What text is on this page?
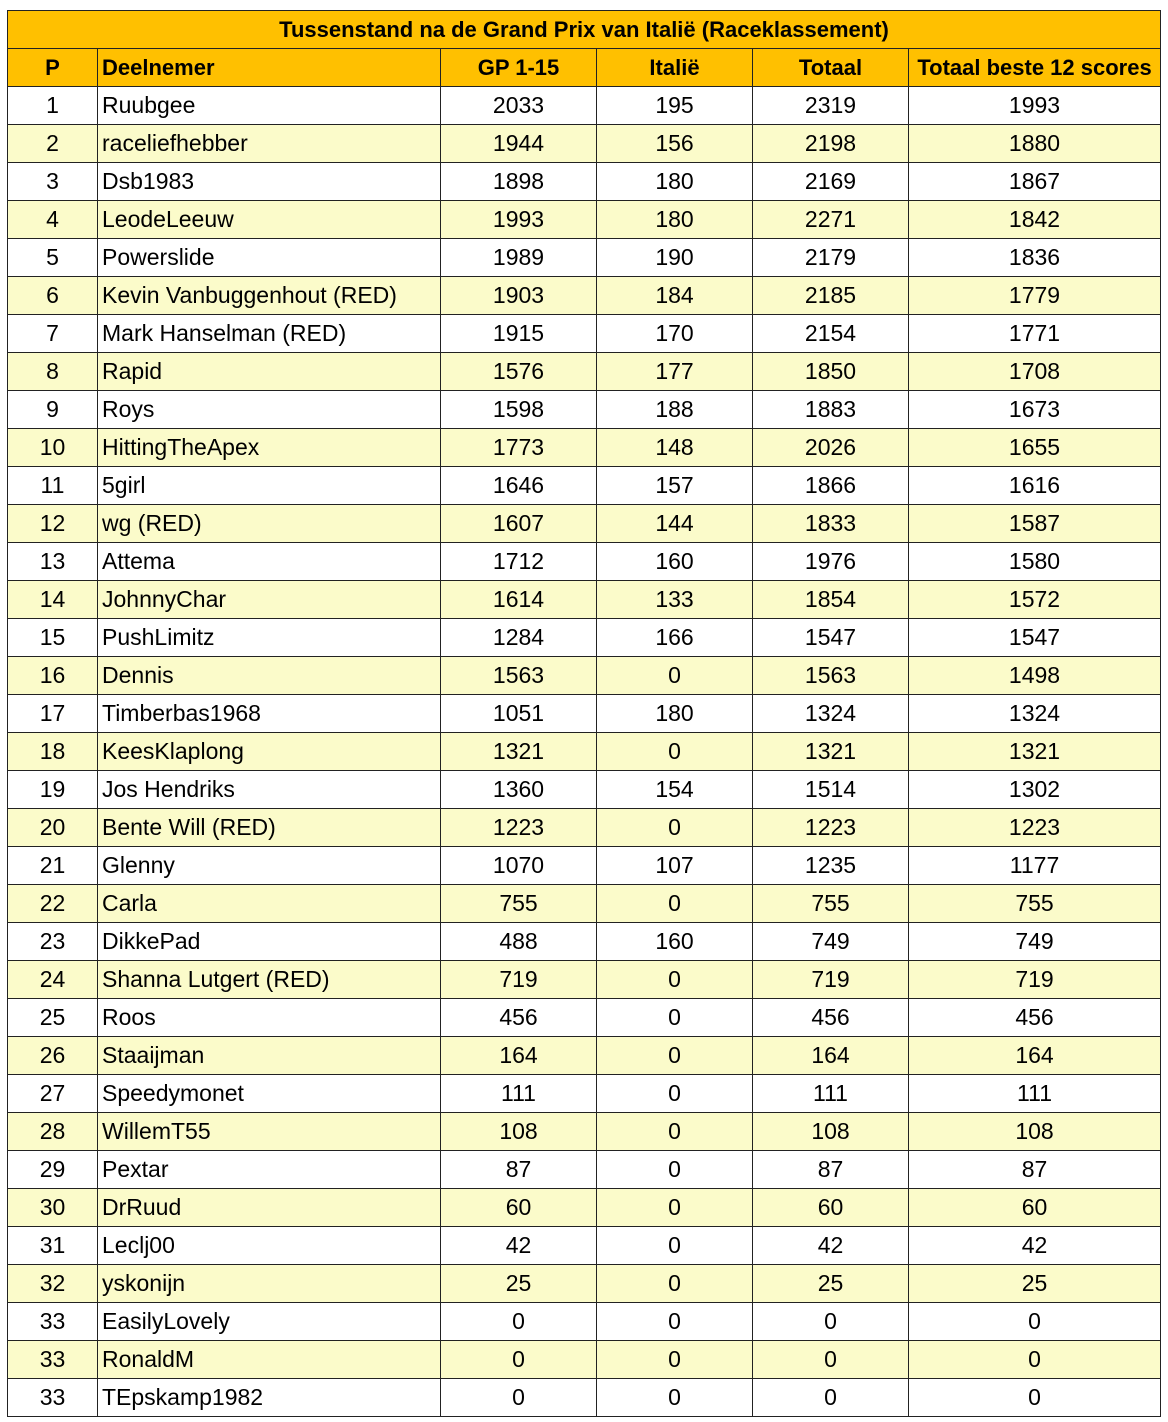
Tussenstand na de Grand Prix van Italië (Raceklassement)					
P	Deelnemer	GP 1-15	Italië	Totaal	Totaal beste 12 scores
1	Ruubgee	2033	195	2319	1993
2	raceliefhebber	1944	156	2198	1880
3	Dsb1983	1898	180	2169	1867
4	LeodeLeeuw	1993	180	2271	1842
5	Powerslide	1989	190	2179	1836
6	Kevin Vanbuggenhout (RED)	1903	184	2185	1779
7	Mark Hanselman (RED)	1915	170	2154	1771
8	Rapid	1576	177	1850	1708
9	Roys	1598	188	1883	1673
10	HittingTheApex	1773	148	2026	1655
11	5girl	1646	157	1866	1616
12	wg (RED)	1607	144	1833	1587
13	Attema	1712	160	1976	1580
14	JohnnyChar	1614	133	1854	1572
15	PushLimitz	1284	166	1547	1547
16	Dennis	1563	0	1563	1498
17	Timberbas1968	1051	180	1324	1324
18	KeesKlaplong	1321	0	1321	1321
19	Jos Hendriks	1360	154	1514	1302
20	Bente Will (RED)	1223	0	1223	1223
21	Glenny	1070	107	1235	1177
22	Carla	755	0	755	755
23	DikkePad	488	160	749	749
24	Shanna Lutgert (RED)	719	0	719	719
25	Roos	456	0	456	456
26	Staaijman	164	0	164	164
27	Speedymonet	111	0	111	111
28	WillemT55	108	0	108	108
29	Pextar	87	0	87	87
30	DrRuud	60	0	60	60
31	Leclj00	42	0	42	42
32	yskonijn	25	0	25	25
33	EasilyLovely	0	0	0	0
33	RonaldM	0	0	0	0
33	TEpskamp1982	0	0	0	0
